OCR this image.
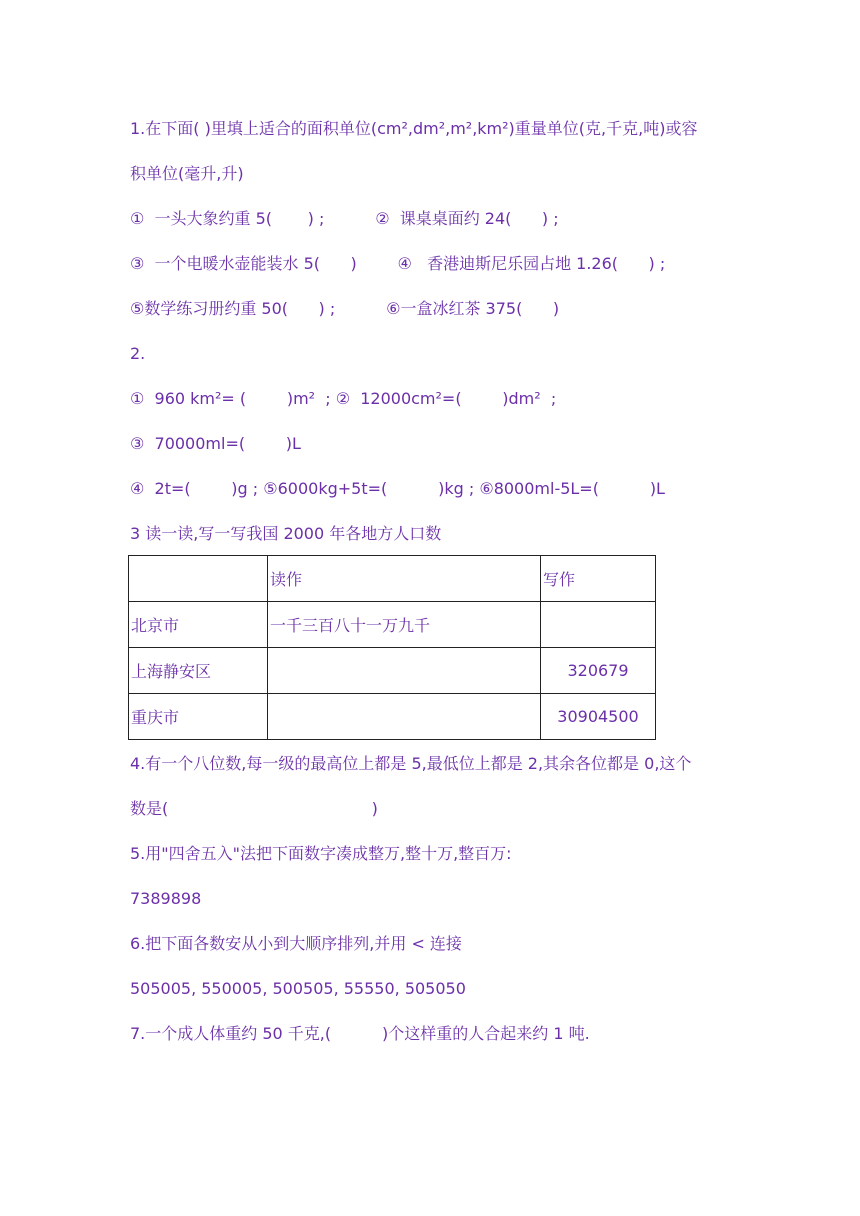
1.在下面( )里填上适合的面积单位(cm²,dm²,m²,km²)重量单位(克,千克,吨)或容
积单位(毫升,升)
①  一头大象约重 5(       ) ;          ②  课桌桌面约 24(      ) ;
③  一个电暖水壶能装水 5(      )        ④   香港迪斯尼乐园占地 1.26(      ) ;
⑤数学练习册约重 50(      ) ;          ⑥一盒冰红茶 375(      )
2.
①  960 km²= (        )m²  ; ②  12000cm²=(        )dm²  ;
③  70000ml=(        )L
④  2t=(        )g ; ⑤6000kg+5t=(          )kg ; ⑥8000ml-5L=(          )L
3 读一读,写一写我国 2000 年各地方人口数
	读作	写作
北京市	一千三百八十一万九千	
上海静安区		320679
重庆市		30904500
4.有一个八位数,每一级的最高位上都是 5,最低位上都是 2,其余各位都是 0,这个
数是(                                        )
5.用"四舍五入"法把下面数字凑成整万,整十万,整百万:
7389898
6.把下面各数安从小到大顺序排列,并用 < 连接
505005, 550005, 500505, 55550, 505050
7.一个成人体重约 50 千克,(          )个这样重的人合起来约 1 吨.
